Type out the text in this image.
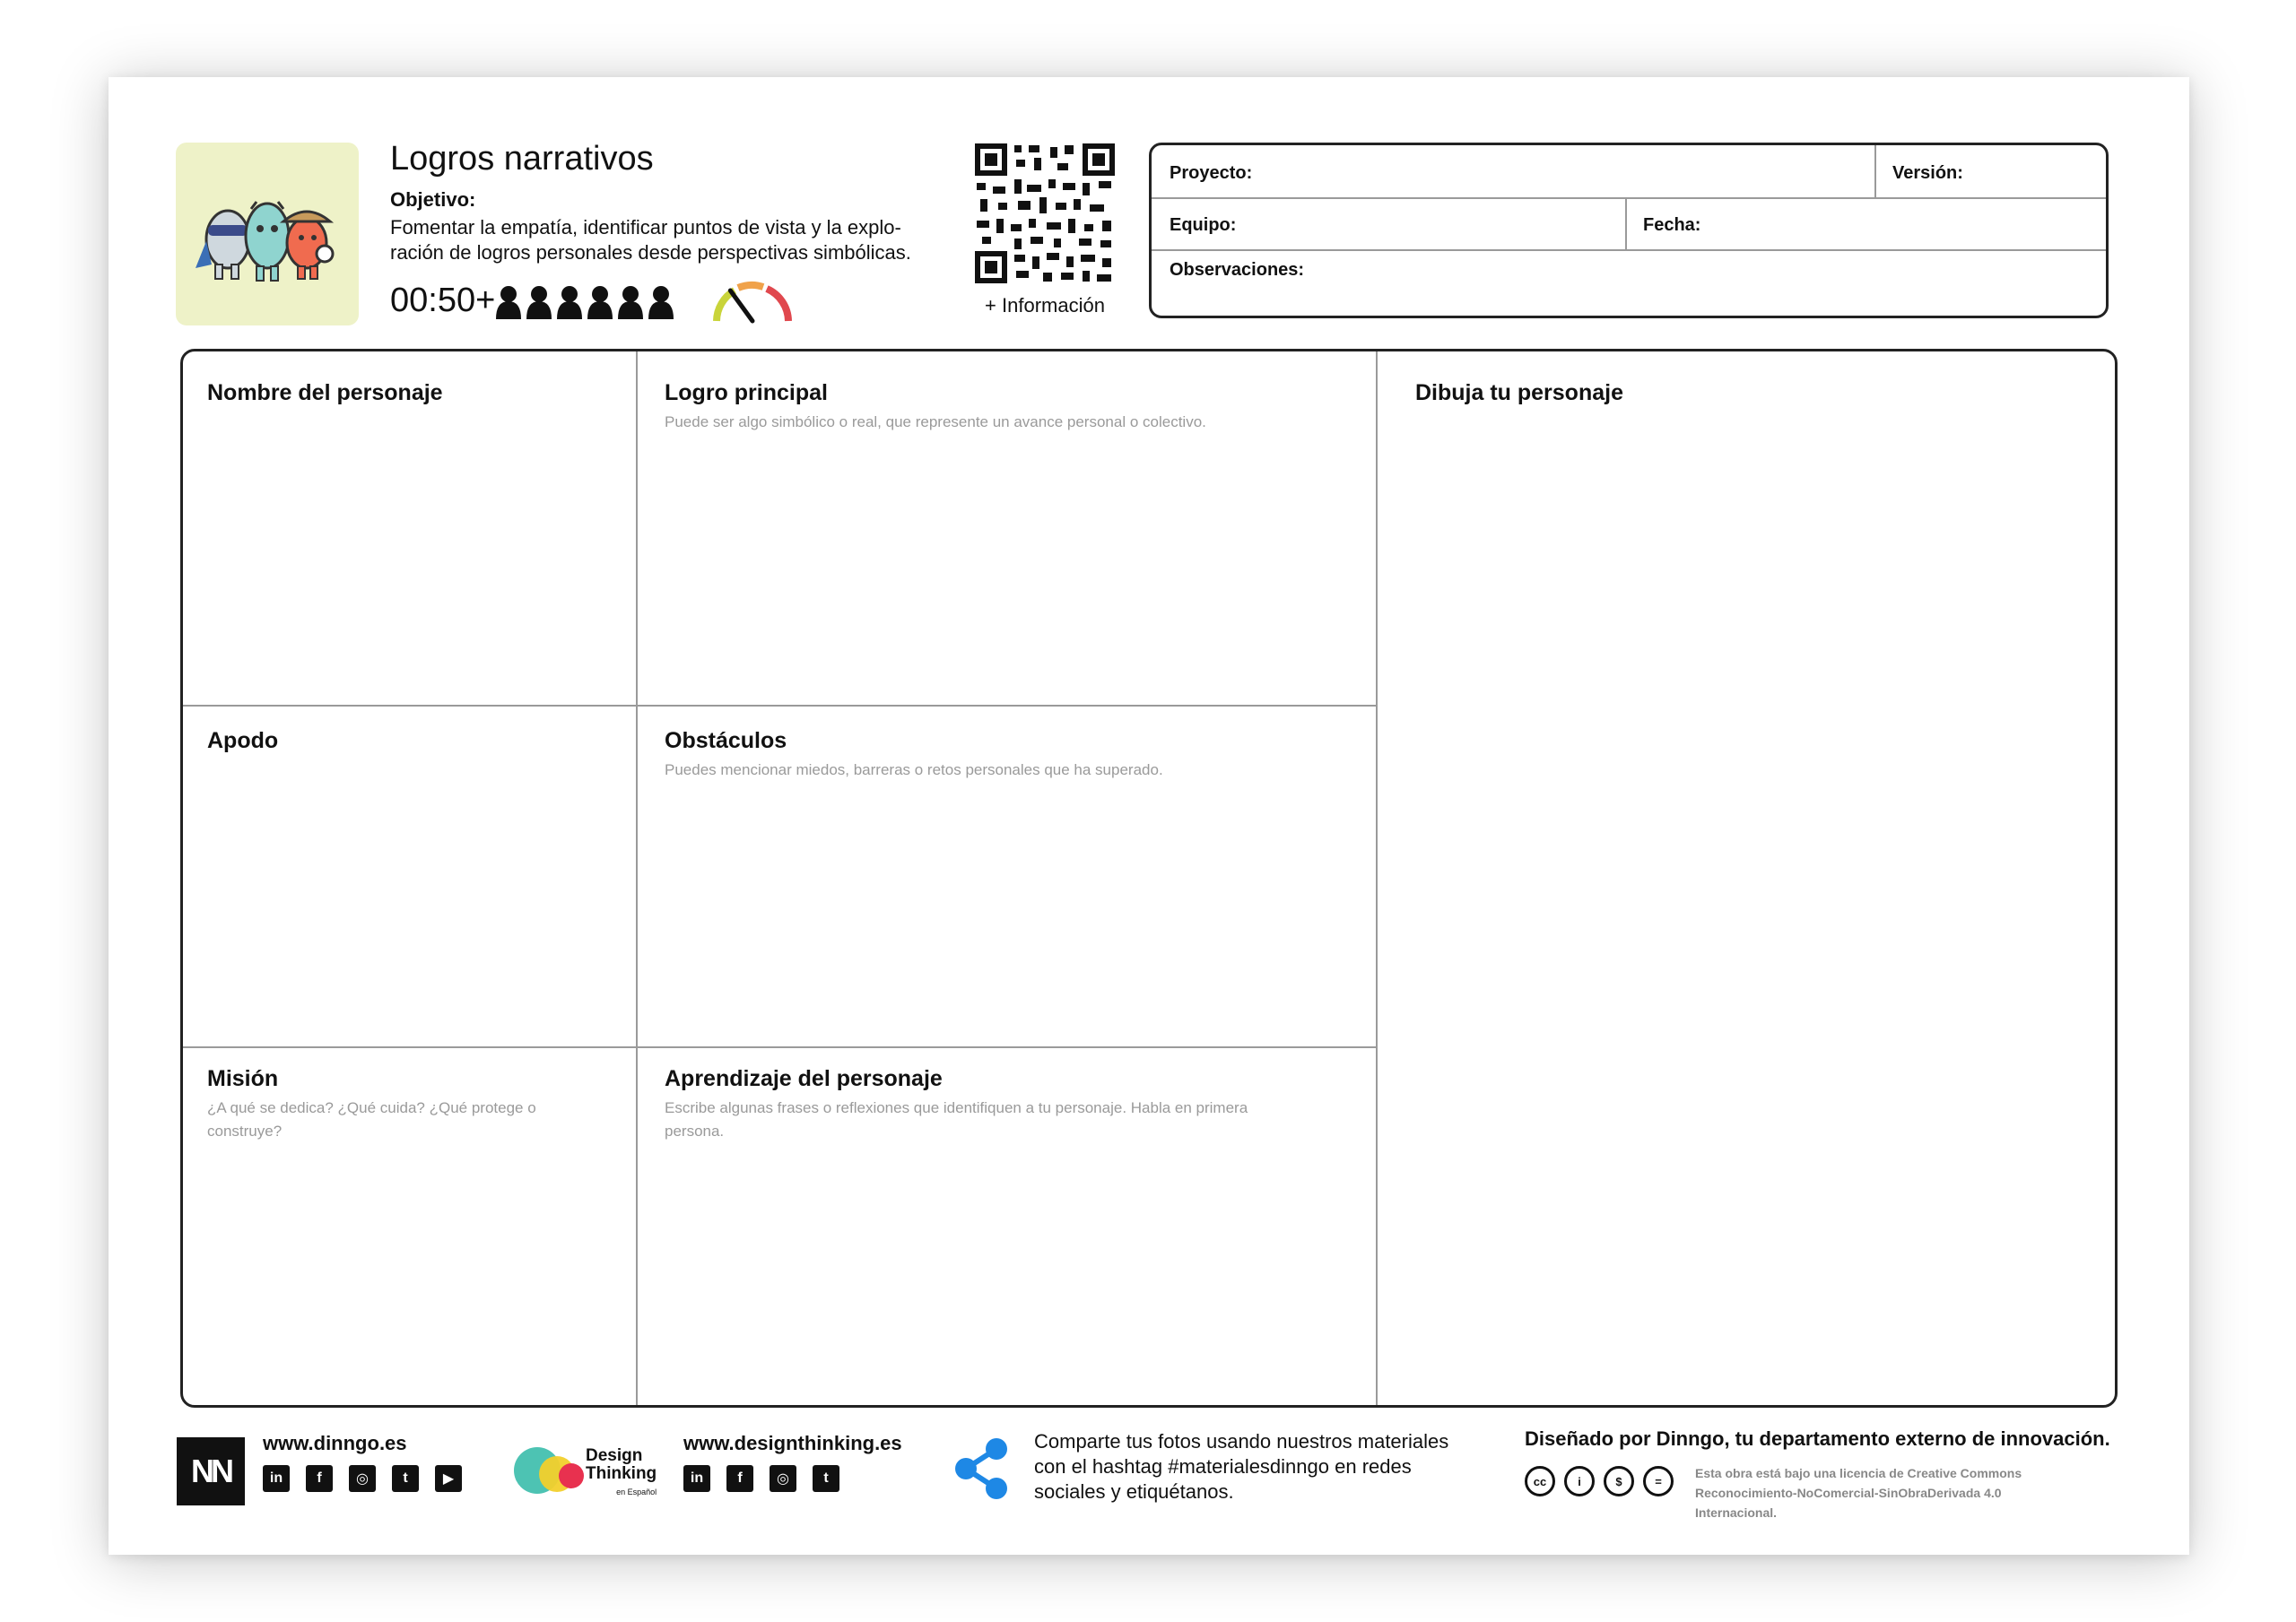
Logros narrativos
Objetivo:
Fomentar la empatía, identificar puntos de vista y la explo-ración de logros personales desde perspectivas simbólicas.
00:50+	+ Información
Proyecto:	Versión:
Equipo:	Fecha:
Observaciones:
Nombre del personaje	Logro principal
Puede ser algo simbólico o real, que represente un avance personal o colectivo.
Dibuja tu personaje
Apodo	Obstáculos
Puedes mencionar miedos, barreras o retos personales que ha superado.
Misión
¿A qué se dedica? ¿Qué cuida? ¿Qué protege o construye?
Aprendizaje del personaje
Escribe algunas frases o reflexiones que identifiquen a tu personaje. Habla en primera persona.
NN
www.dinngo.es
in	f	◎	t	▶
Design
Thinking
en Español
www.designthinking.es
in	f	◎	t
Comparte tus fotos usando nuestros materiales con el hashtag #materialesdinngo en redes sociales y etiquétanos.
Diseñado por Dinngo, tu departamento externo de innovación.
cc	i	$	=
Esta obra está bajo una licencia de Creative Commons Reconocimiento-NoComercial-SinObraDerivada 4.0 Internacional.
